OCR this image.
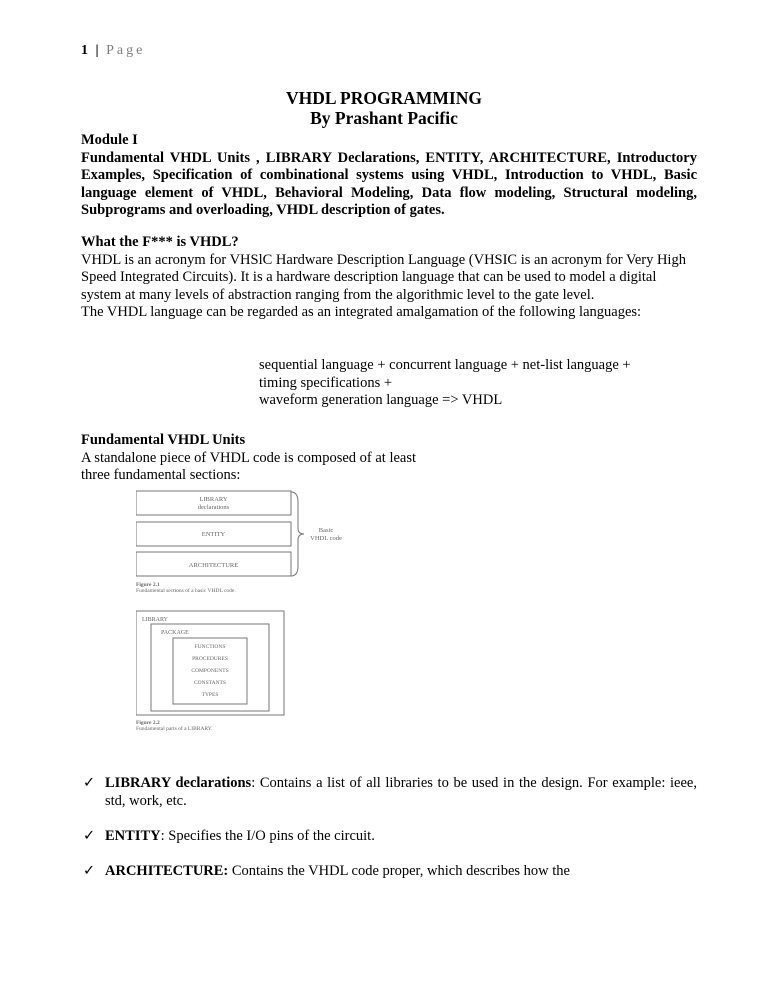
1 | Page
VHDL PROGRAMMING
By Prashant Pacific
Module I
Fundamental VHDL Units , LIBRARY Declarations, ENTITY, ARCHITECTURE, Introductory Examples, Specification of combinational systems using VHDL, Introduction to VHDL, Basic language element of VHDL, Behavioral Modeling, Data flow modeling, Structural modeling, Subprograms and overloading, VHDL description of gates.
What the F*** is VHDL?
VHDL is an acronym for VHSlC Hardware Description Language (VHSIC is an acronym for Very High Speed Integrated Circuits). It is a hardware description language that can be used to model a digital system at many levels of abstraction ranging from the algorithmic level to the gate level.
The VHDL language can be regarded as an integrated amalgamation of the following languages:
sequential language + concurrent language + net-list language +
timing specifications +
waveform generation language => VHDL
Fundamental VHDL Units
A standalone piece of VHDL code is composed of at least
three fundamental sections:
LIBRARY
declarations
ENTITY
ARCHITECTURE
Basic
VHDL code
Figure 2.1
Fundamental sections of a basic VHDL code.
LIBRARY
PACKAGE
FUNCTIONS
PROCEDURES
COMPONENTS
CONSTANTS
TYPES
Figure 2.2
Fundamental parts of a LIBRARY.
✓ LIBRARY declarations: Contains a list of all libraries to be used in the design. For example: ieee, std, work, etc.
✓ ENTITY: Specifies the I/O pins of the circuit.
✓ ARCHITECTURE: Contains the VHDL code proper, which describes how the
